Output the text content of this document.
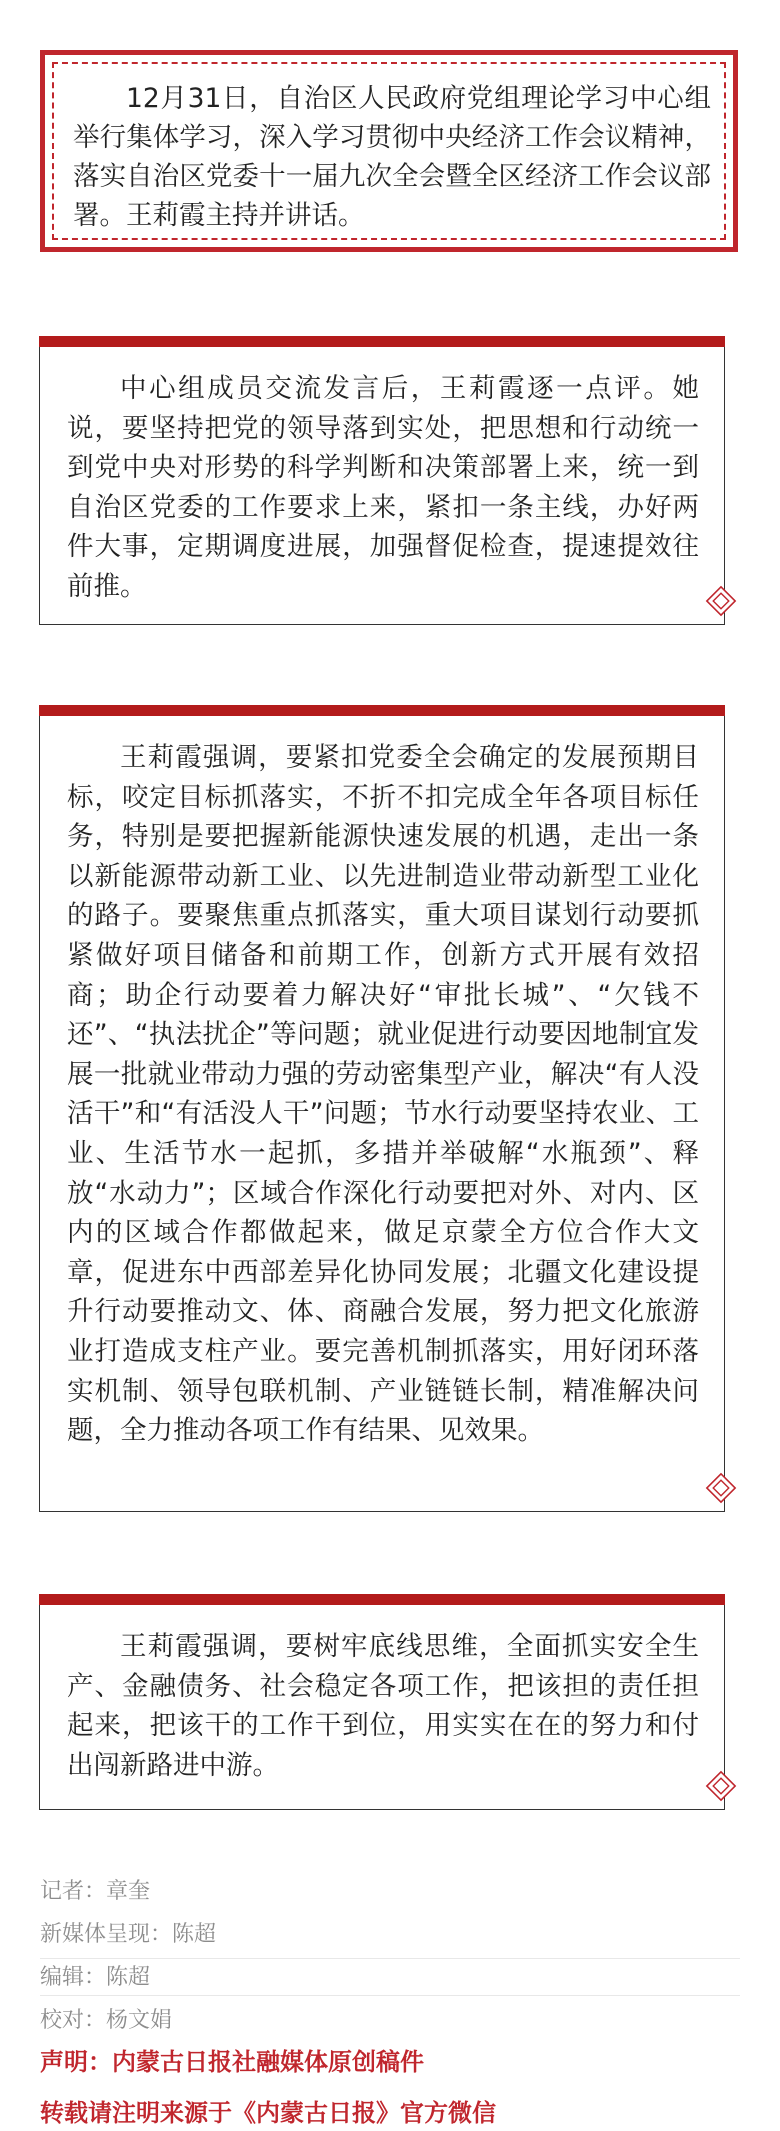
12月31日，自治区人民政府党组理论学习中心组举行集体学习，深入学习贯彻中央经济工作会议精神，落实自治区党委十一届九次全会暨全区经济工作会议部署。王莉霞主持并讲话。

中心组成员交流发言后，王莉霞逐一点评。她说，要坚持把党的领导落到实处，把思想和行动统一到党中央对形势的科学判断和决策部署上来，统一到自治区党委的工作要求上来，紧扣一条主线，办好两件大事，定期调度进展，加强督促检查，提速提效往前推。

王莉霞强调，要紧扣党委全会确定的发展预期目标，咬定目标抓落实，不折不扣完成全年各项目标任务，特别是要把握新能源快速发展的机遇，走出一条以新能源带动新工业、以先进制造业带动新型工业化的路子。要聚焦重点抓落实，重大项目谋划行动要抓紧做好项目储备和前期工作，创新方式开展有效招商；助企行动要着力解决好“审批长城”、“欠钱不还”、“执法扰企”等问题；就业促进行动要因地制宜发展一批就业带动力强的劳动密集型产业，解决“有人没活干”和“有活没人干”问题；节水行动要坚持农业、工业、生活节水一起抓，多措并举破解“水瓶颈”、释放“水动力”；区域合作深化行动要把对外、对内、区内的区域合作都做起来，做足京蒙全方位合作大文章，促进东中西部差异化协同发展；北疆文化建设提升行动要推动文、体、商融合发展，努力把文化旅游业打造成支柱产业。要完善机制抓落实，用好闭环落实机制、领导包联机制、产业链链长制，精准解决问题，全力推动各项工作有结果、见效果。

王莉霞强调，要树牢底线思维，全面抓实安全生产、金融债务、社会稳定各项工作，把该担的责任担起来，把该干的工作干到位，用实实在在的努力和付出闯新路进中游。

记者：章奎
新媒体呈现：陈超
编辑：陈超
校对：杨文娟
声明：内蒙古日报社融媒体原创稿件
转载请注明来源于《内蒙古日报》官方微信
